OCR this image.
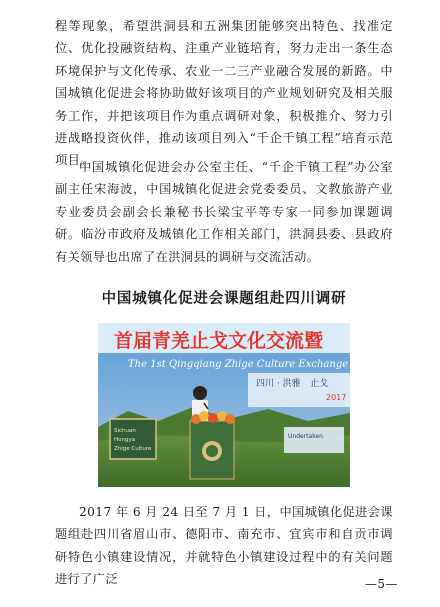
程等现象，希望洪洞县和五洲集团能够突出特色、找准定位、优化投融资结构、注重产业链培育，努力走出一条生态环境保护与文化传承、农业一二三产业融合发展的新路。中国城镇化促进会将协助做好该项目的产业规划研究及相关服务工作，并把该项目作为重点调研对象，积极推介、努力引进战略投资伙伴，推动该项目列入“千企千镇工程”培育示范项目。

中国城镇化促进会办公室主任、“千企千镇工程”办公室副主任宋海波，中国城镇化促进会党委委员、文教旅游产业专业委员会副会长兼秘书长梁宝平等专家一同参加课题调研。临汾市政府及城镇化工作相关部门，洪洞县委、县政府有关领导也出席了在洪洞县的调研与交流活动。

中国城镇化促进会课题组赴四川调研
首届青羌止戈文化交流暨
The 1st Qingqiang Zhige Culture Exchange
四川 · 洪雅 止戈
2017
Sichuan
Hongya
Zhige Culture
Undertaken

2017 年 6 月 24 日至 7 月 1 日，中国城镇化促进会课题组赴四川省眉山市、德阳市、南充市、宜宾市和自贡市调研特色小镇建设情况，并就特色小镇建设过程中的有关问题进行了广泛	—5—
